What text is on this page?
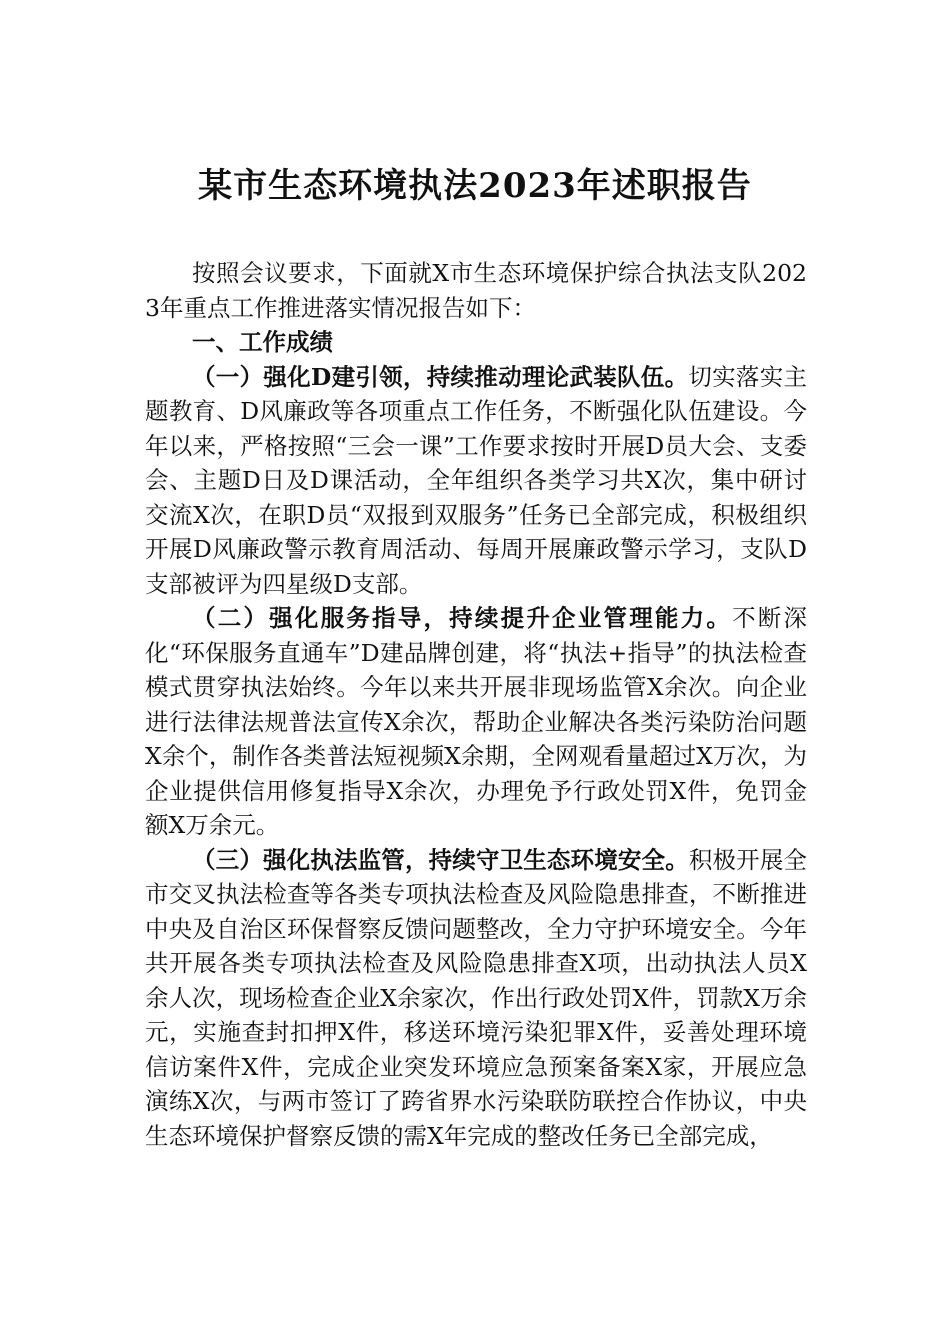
某市生态环境执法2023年述职报告

按照会议要求，下面就X市生态环境保护综合执法支队2023年重点工作推进落实情况报告如下：

一、工作成绩

（一）强化D建引领，持续推动理论武装队伍。切实落实主题教育、D风廉政等各项重点工作任务，不断强化队伍建设。今年以来，严格按照“三会一课”工作要求按时开展D员大会、支委会、主题D日及D课活动，全年组织各类学习共X次，集中研讨交流X次，在职D员“双报到双服务”任务已全部完成，积极组织开展D风廉政警示教育周活动、每周开展廉政警示学习，支队D支部被评为四星级D支部。

（二）强化服务指导，持续提升企业管理能力。不断深化“环保服务直通车”D建品牌创建，将“执法+指导”的执法检查模式贯穿执法始终。今年以来共开展非现场监管X余次。向企业进行法律法规普法宣传X余次，帮助企业解决各类污染防治问题X余个，制作各类普法短视频X余期，全网观看量超过X万次，为企业提供信用修复指导X余次，办理免予行政处罚X件，免罚金额X万余元。

（三）强化执法监管，持续守卫生态环境安全。积极开展全市交叉执法检查等各类专项执法检查及风险隐患排查，不断推进中央及自治区环保督察反馈问题整改，全力守护环境安全。今年共开展各类专项执法检查及风险隐患排查X项，出动执法人员X余人次，现场检查企业X余家次，作出行政处罚X件，罚款X万余元，实施查封扣押X件，移送环境污染犯罪X件，妥善处理环境信访案件X件，完成企业突发环境应急预案备案X家，开展应急演练X次，与两市签订了跨省界水污染联防联控合作协议，中央生态环境保护督察反馈的需X年完成的整改任务已全部完成，
